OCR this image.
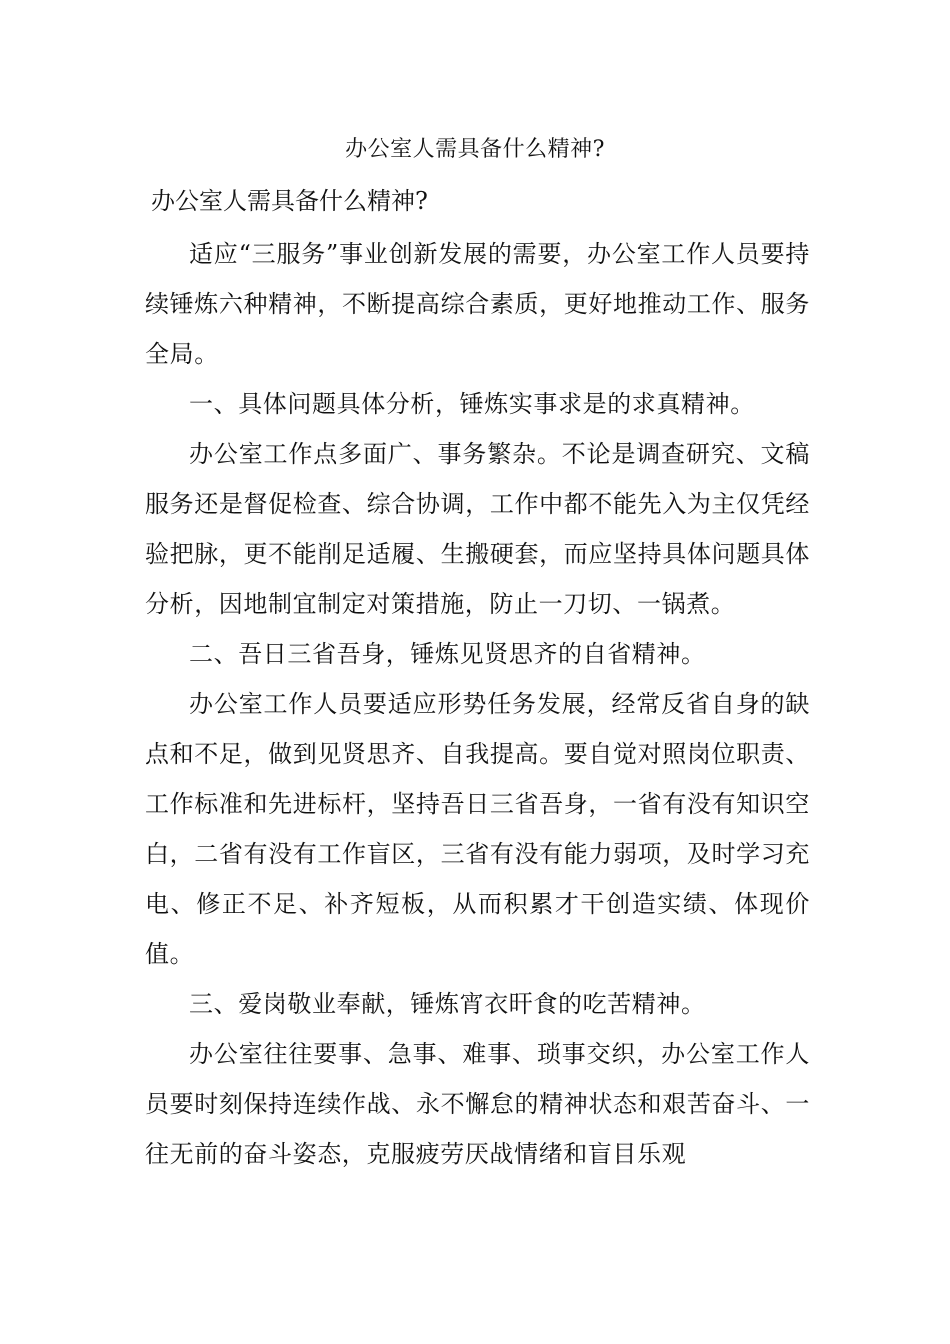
办公室人需具备什么精神?

办公室人需具备什么精神?

适应“三服务”事业创新发展的需要，办公室工作人员要持续锤炼六种精神，不断提高综合素质，更好地推动工作、服务全局。

一、具体问题具体分析，锤炼实事求是的求真精神。

办公室工作点多面广、事务繁杂。不论是调查研究、文稿服务还是督促检查、综合协调，工作中都不能先入为主仅凭经验把脉，更不能削足适履、生搬硬套，而应坚持具体问题具体分析，因地制宜制定对策措施，防止一刀切、一锅煮。

二、吾日三省吾身，锤炼见贤思齐的自省精神。

办公室工作人员要适应形势任务发展，经常反省自身的缺点和不足，做到见贤思齐、自我提高。要自觉对照岗位职责、工作标准和先进标杆，坚持吾日三省吾身，一省有没有知识空白，二省有没有工作盲区，三省有没有能力弱项，及时学习充电、修正不足、补齐短板，从而积累才干创造实绩、体现价值。

三、爱岗敬业奉献，锤炼宵衣旰食的吃苦精神。

办公室往往要事、急事、难事、琐事交织，办公室工作人员要时刻保持连续作战、永不懈怠的精神状态和艰苦奋斗、一往无前的奋斗姿态，克服疲劳厌战情绪和盲目乐观
